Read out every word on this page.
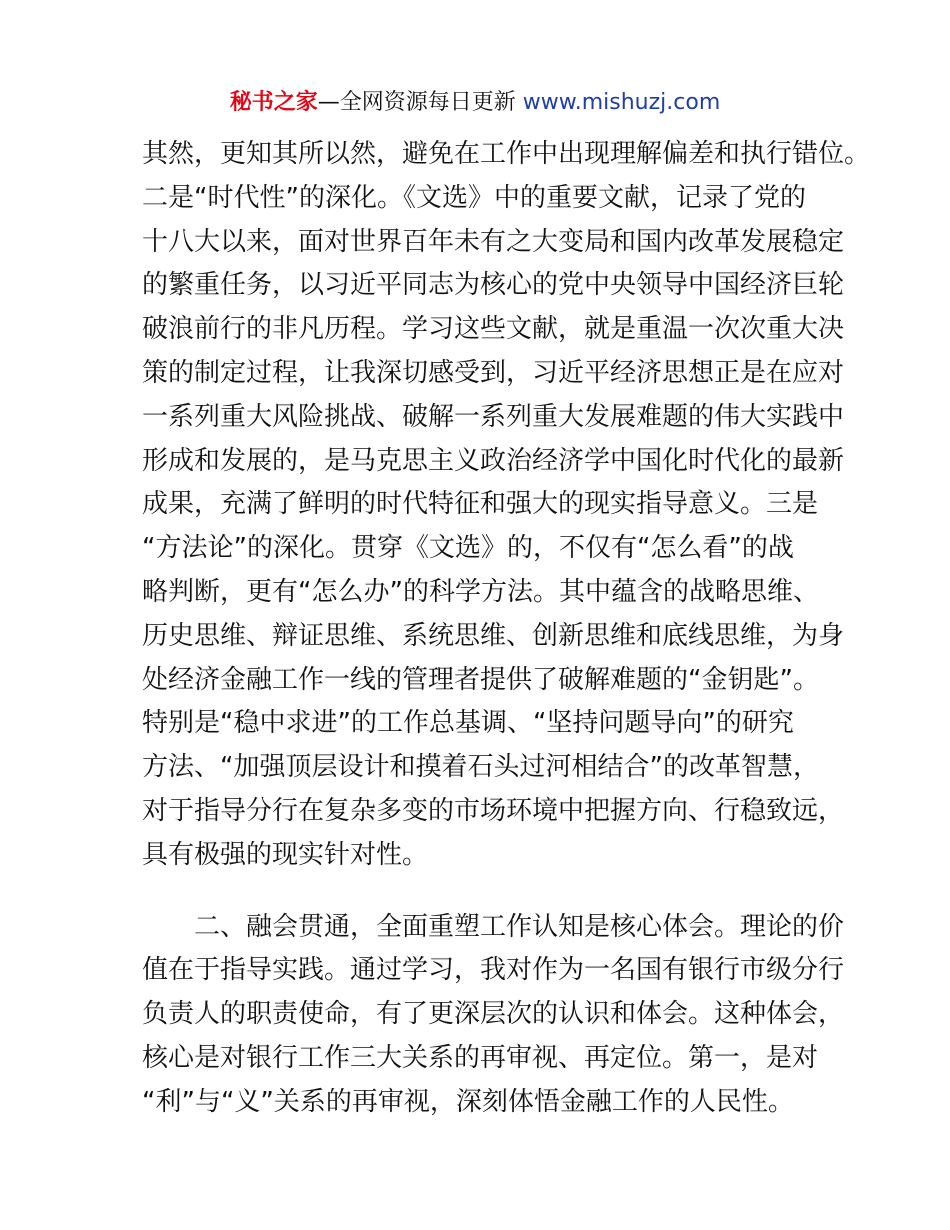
秘书之家—全网资源每日更新 www.mishuzj.com
其然，更知其所以然，避免在工作中出现理解偏差和执行错位。
二是“时代性”的深化。《文选》中的重要文献，记录了党的
十八大以来，面对世界百年未有之大变局和国内改革发展稳定
的繁重任务，以习近平同志为核心的党中央领导中国经济巨轮
破浪前行的非凡历程。学习这些文献，就是重温一次次重大决
策的制定过程，让我深切感受到，习近平经济思想正是在应对
一系列重大风险挑战、破解一系列重大发展难题的伟大实践中
形成和发展的，是马克思主义政治经济学中国化时代化的最新
成果，充满了鲜明的时代特征和强大的现实指导意义。三是
“方法论”的深化。贯穿《文选》的，不仅有“怎么看”的战
略判断，更有“怎么办”的科学方法。其中蕴含的战略思维、
历史思维、辩证思维、系统思维、创新思维和底线思维，为身
处经济金融工作一线的管理者提供了破解难题的“金钥匙”。
特别是“稳中求进”的工作总基调、“坚持问题导向”的研究
方法、“加强顶层设计和摸着石头过河相结合”的改革智慧，
对于指导分行在复杂多变的市场环境中把握方向、行稳致远，
具有极强的现实针对性。
二、融会贯通，全面重塑工作认知是核心体会。理论的价
值在于指导实践。通过学习，我对作为一名国有银行市级分行
负责人的职责使命，有了更深层次的认识和体会。这种体会，
核心是对银行工作三大关系的再审视、再定位。第一，是对
“利”与“义”关系的再审视，深刻体悟金融工作的人民性。
